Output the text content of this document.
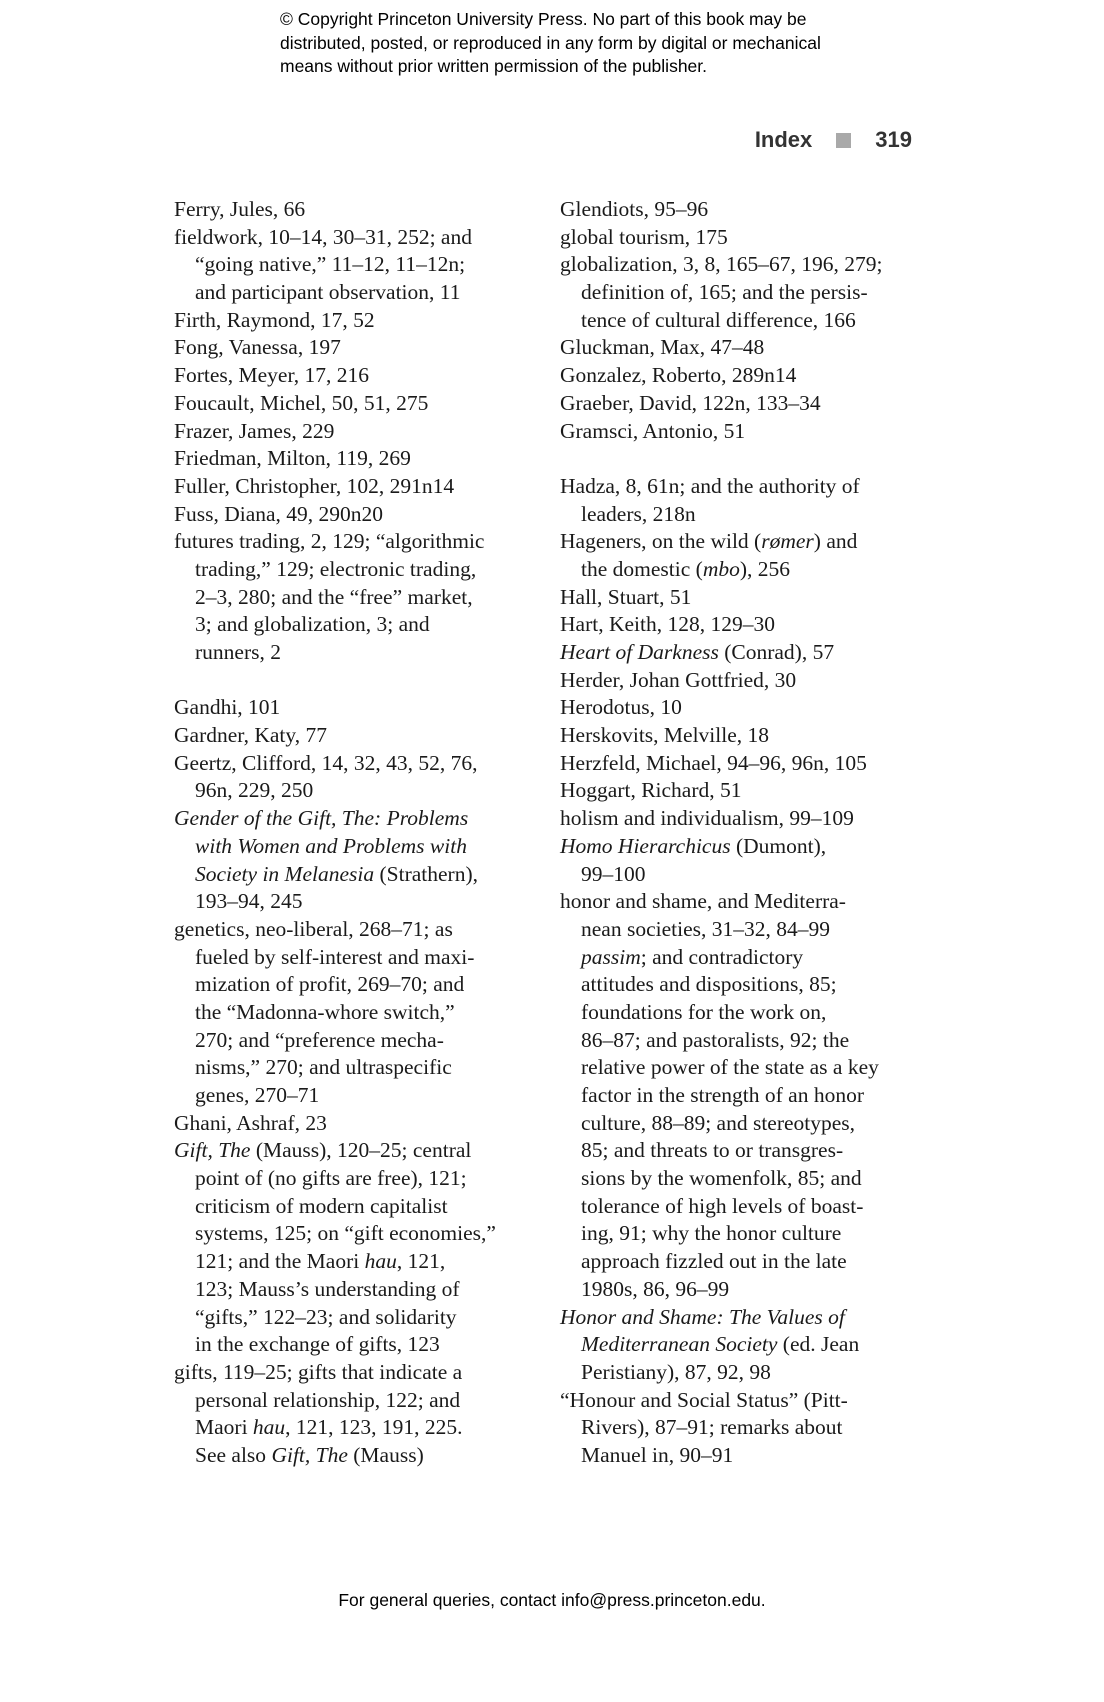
© Copyright Princeton University Press. No part of this book may be
distributed, posted, or reproduced in any form by digital or mechanical
means without prior written permission of the publisher.
Index	319
Ferry, Jules, 66
fieldwork, 10–14, 30–31, 252; and
“going native,” 11–12, 11–12n;
and participant observation, 11
Firth, Raymond, 17, 52
Fong, Vanessa, 197
Fortes, Meyer, 17, 216
Foucault, Michel, 50, 51, 275
Frazer, James, 229
Friedman, Milton, 119, 269
Fuller, Christopher, 102, 291n14
Fuss, Diana, 49, 290n20
futures trading, 2, 129; “algorithmic
trading,” 129; electronic trading,
2–3, 280; and the “free” market,
3; and globalization, 3; and
runners, 2
Gandhi, 101
Gardner, Katy, 77
Geertz, Clifford, 14, 32, 43, 52, 76,
96n, 229, 250
Gender of the Gift, The: Problems
with Women and Problems with
Society in Melanesia (Strathern),
193–94, 245
genetics, neo-liberal, 268–71; as
fueled by self-interest and maxi-
mization of profit, 269–70; and
the “Madonna-whore switch,”
270; and “preference mecha-
nisms,” 270; and ultraspecific
genes, 270–71
Ghani, Ashraf, 23
Gift, The (Mauss), 120–25; central
point of (no gifts are free), 121;
criticism of modern capitalist
systems, 125; on “gift economies,”
121; and the Maori hau, 121,
123; Mauss’s understanding of
“gifts,” 122–23; and solidarity
in the exchange of gifts, 123
gifts, 119–25; gifts that indicate a
personal relationship, 122; and
Maori hau, 121, 123, 191, 225.
See also Gift, The (Mauss)
Glendiots, 95–96
global tourism, 175
globalization, 3, 8, 165–67, 196, 279;
definition of, 165; and the persis-
tence of cultural difference, 166
Gluckman, Max, 47–48
Gonzalez, Roberto, 289n14
Graeber, David, 122n, 133–34
Gramsci, Antonio, 51
Hadza, 8, 61n; and the authority of
leaders, 218n
Hageners, on the wild (rømer) and
the domestic (mbo), 256
Hall, Stuart, 51
Hart, Keith, 128, 129–30
Heart of Darkness (Conrad), 57
Herder, Johan Gottfried, 30
Herodotus, 10
Herskovits, Melville, 18
Herzfeld, Michael, 94–96, 96n, 105
Hoggart, Richard, 51
holism and individualism, 99–109
Homo Hierarchicus (Dumont),
99–100
honor and shame, and Mediterra-
nean societies, 31–32, 84–99
passim; and contradictory
attitudes and dispositions, 85;
foundations for the work on,
86–87; and pastoralists, 92; the
relative power of the state as a key
factor in the strength of an honor
culture, 88–89; and stereotypes,
85; and threats to or transgres-
sions by the womenfolk, 85; and
tolerance of high levels of boast-
ing, 91; why the honor culture
approach fizzled out in the late
1980s, 86, 96–99
Honor and Shame: The Values of
Mediterranean Society (ed. Jean
Peristiany), 87, 92, 98
“Honour and Social Status” (Pitt-
Rivers), 87–91; remarks about
Manuel in, 90–91
For general queries, contact info@press.princeton.edu.
